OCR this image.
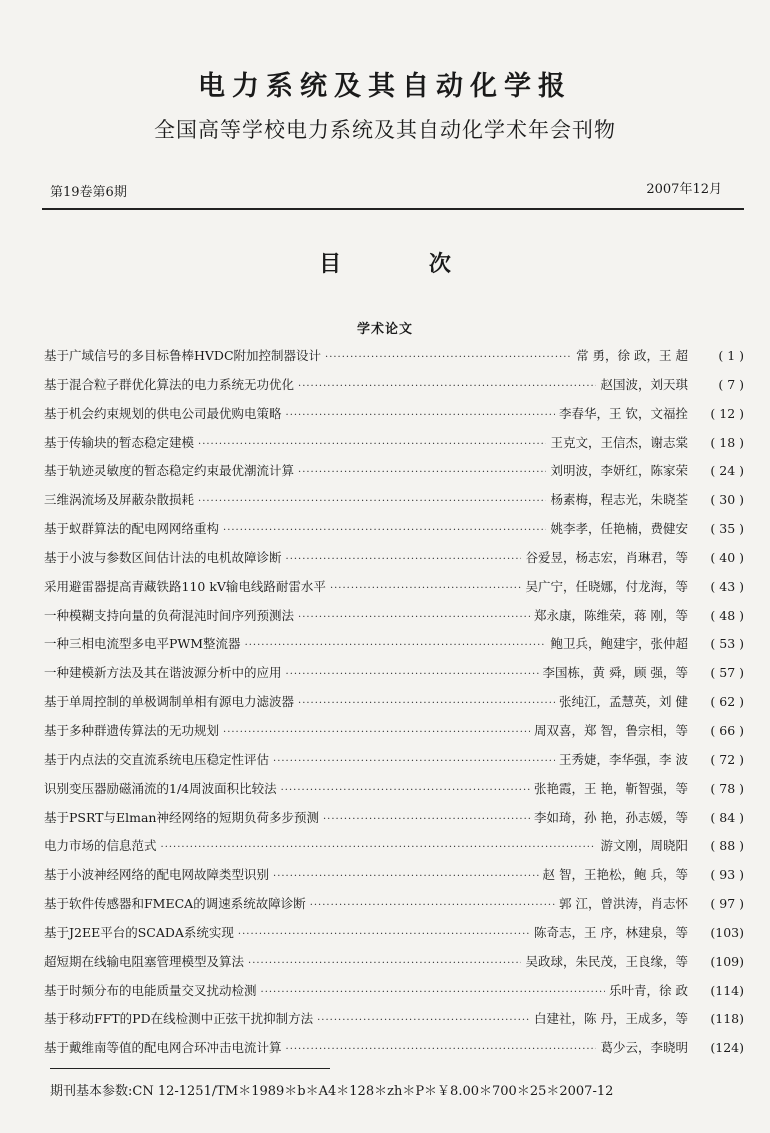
电力系统及其自动化学报
全国高等学校电力系统及其自动化学术年会刊物
第19卷第6期	2007年12月
目 次
学术论文
基于广域信号的多目标鲁棒HVDC附加控制器设计 ·····	常 勇，徐 政，王 超	( 1 )
基于混合粒子群优化算法的电力系统无功优化 ·····	赵国波，刘天琪	( 7 )
基于机会约束规划的供电公司最优购电策略 ·····	李春华，王 钦，文福拴	( 12 )
基于传输块的暂态稳定建模 ·····	王克文，王信杰，谢志棠	( 18 )
基于轨迹灵敏度的暂态稳定约束最优潮流计算 ·····	刘明波，李妍红，陈家荣	( 24 )
三维涡流场及屏蔽杂散损耗 ·····	杨素梅，程志光，朱晓荃	( 30 )
基于蚁群算法的配电网网络重构 ·····	姚李孝，任艳楠，费健安	( 35 )
基于小波与参数区间估计法的电机故障诊断 ·····	谷爱昱，杨志宏，肖琳君，等	( 40 )
采用避雷器提高青藏铁路110 kV输电线路耐雷水平 ·····	吴广宁，任晓娜，付龙海，等	( 43 )
一种模糊支持向量的负荷混沌时间序列预测法 ·····	郑永康，陈维荣，蒋 刚，等	( 48 )
一种三相电流型多电平PWM整流器 ·····	鲍卫兵，鲍建宇，张仲超	( 53 )
一种建模新方法及其在谐波源分析中的应用 ·····	李国栋，黄 舜，顾 强，等	( 57 )
基于单周控制的单极调制单相有源电力滤波器 ·····	张纯江，孟慧英，刘 健	( 62 )
基于多种群遗传算法的无功规划 ·····	周双喜，郑 智，鲁宗相，等	( 66 )
基于内点法的交直流系统电压稳定性评估 ·····	王秀婕，李华强，李 波	( 72 )
识别变压器励磁涌流的1/4周波面积比较法 ·····	张艳霞，王 艳，靳智强，等	( 78 )
基于PSRT与Elman神经网络的短期负荷多步预测 ·····	李如琦，孙 艳，孙志媛，等	( 84 )
电力市场的信息范式 ·····	游文刚，周晓阳	( 88 )
基于小波神经网络的配电网故障类型识别 ·····	赵 智，王艳松，鲍 兵，等	( 93 )
基于软件传感器和FMECA的调速系统故障诊断 ·····	郭 江，曾洪涛，肖志怀	( 97 )
基于J2EE平台的SCADA系统实现 ·····	陈奇志，王 序，林建泉，等	(103)
超短期在线输电阻塞管理模型及算法 ·····	吴政球，朱民茂，王良缘，等	(109)
基于时频分布的电能质量交叉扰动检测 ·····	乐叶青，徐 政	(114)
基于移动FFT的PD在线检测中正弦干扰抑制方法 ·····	白建社，陈 丹，王成多，等	(118)
基于戴维南等值的配电网合环冲击电流计算 ·····	葛少云，李晓明	(124)
期刊基本参数:CN 12-1251/TM＊1989＊b＊A4＊128＊zh＊P＊￥8.00＊700＊25＊2007-12
